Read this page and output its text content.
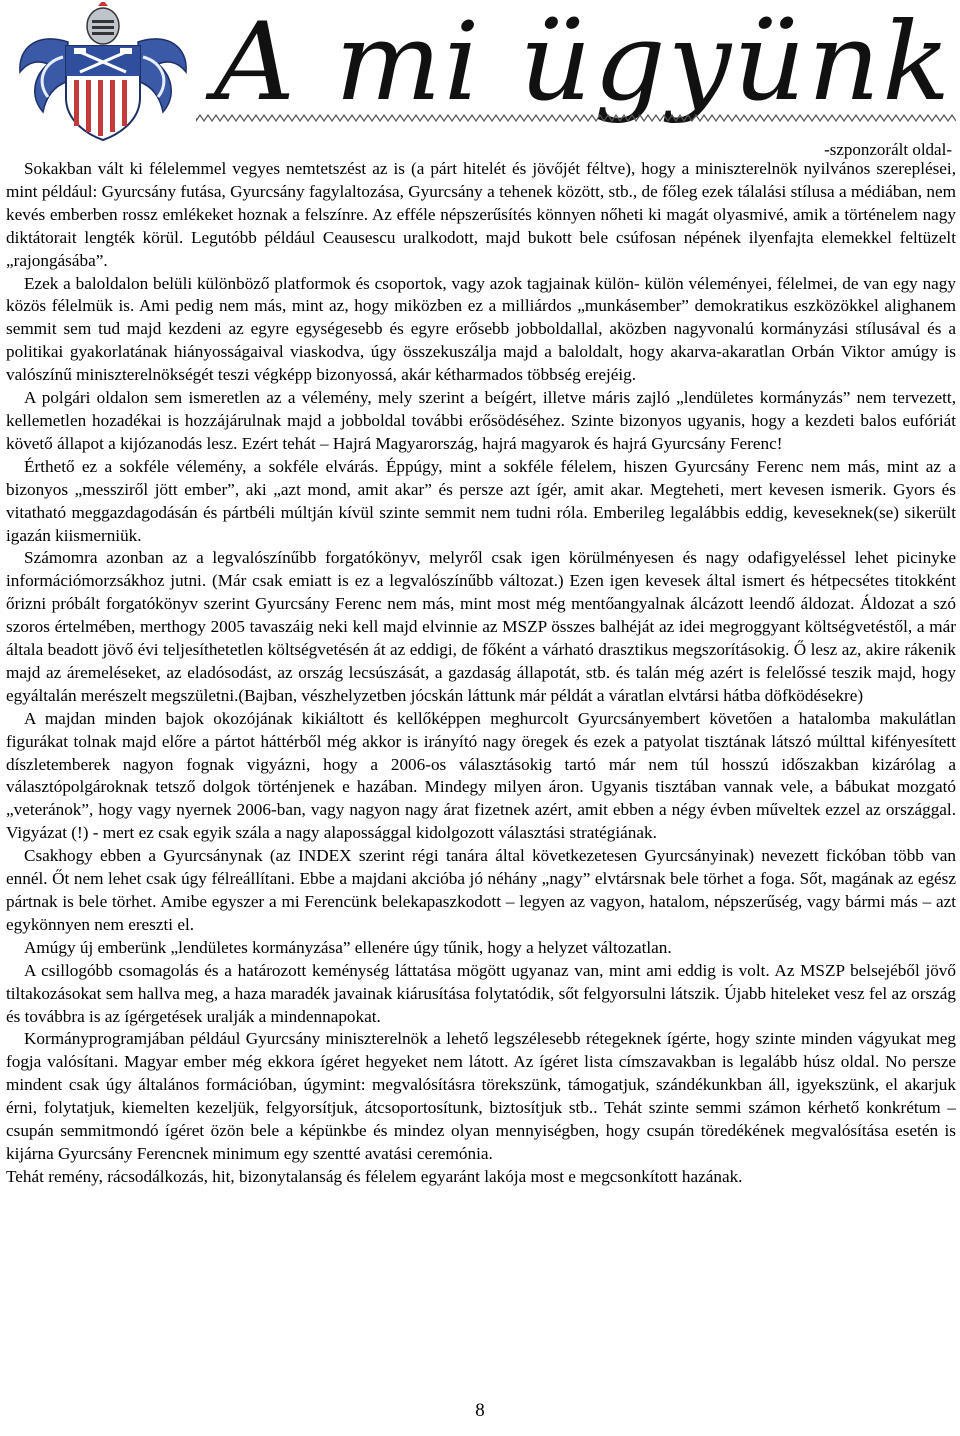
A mi ügyünk
-szponzorált oldal-

Sokakban vált ki félelemmel vegyes nemtetszést az is (a párt hitelét és jövőjét féltve), hogy a miniszterelnök nyilvános szereplései, mint például: Gyurcsány futása, Gyurcsány fagylaltozása, Gyurcsány a tehenek között, stb., de főleg ezek tálalási stílusa a médiában, nem kevés emberben rossz emlékeket hoznak a felszínre. Az efféle népszerűsítés könnyen nőheti ki magát olyasmivé, amik a történelem nagy diktátorait lengték körül. Legutóbb például Ceausescu uralkodott, majd bukott bele csúfosan népének ilyenfajta elemekkel feltüzelt „rajongásába”.

Ezek a baloldalon belüli különböző platformok és csoportok, vagy azok tagjainak külön- külön véleményei, félelmei, de van egy nagy közös félelmük is. Ami pedig nem más, mint az, hogy miközben ez a milliárdos „munkásember” demokratikus eszközökkel alighanem semmit sem tud majd kezdeni az egyre egységesebb és egyre erősebb jobboldallal, aközben nagyvonalú kormányzási stílusával és a politikai gyakorlatának hiányosságaival viaskodva, úgy összekuszálja majd a baloldalt, hogy akarva-akaratlan Orbán Viktor amúgy is valószínű miniszterelnökségét teszi végképp bizonyossá, akár kétharmados többség erejéig.

A polgári oldalon sem ismeretlen az a vélemény, mely szerint a beígért, illetve máris zajló „lendületes kormányzás” nem tervezett, kellemetlen hozadékai is hozzájárulnak majd a jobboldal további erősödéséhez. Szinte bizonyos ugyanis, hogy a kezdeti balos eufóriát követő állapot a kijózanodás lesz. Ezért tehát – Hajrá Magyarország, hajrá magyarok és hajrá Gyurcsány Ferenc!

Érthető ez a sokféle vélemény, a sokféle elvárás. Éppúgy, mint a sokféle félelem, hiszen Gyurcsány Ferenc nem más, mint az a bizonyos „messziről jött ember”, aki „azt mond, amit akar” és persze azt ígér, amit akar. Megteheti, mert kevesen ismerik. Gyors és vitatható meggazdagodásán és pártbéli múltján kívül szinte semmit nem tudni róla. Emberileg legalábbis eddig, keveseknek(se) sikerült igazán kiismerniük.

Számomra azonban az a legvalószínűbb forgatókönyv, melyről csak igen körülményesen és nagy odafigyeléssel lehet picinyke információmorzsákhoz jutni. (Már csak emiatt is ez a legvalószínűbb változat.) Ezen igen kevesek által ismert és hétpecsétes titokként őrizni próbált forgatókönyv szerint Gyurcsány Ferenc nem más, mint most még mentőangyalnak álcázott leendő áldozat. Áldozat a szó szoros értelmében, merthogy 2005 tavaszáig neki kell majd elvinnie az MSZP összes balhéját az idei megroggyant költségvetéstől, a már általa beadott jövő évi teljesíthetetlen költségvetésén át az eddigi, de főként a várható drasztikus megszorításokig. Ő lesz az, akire rákenik majd az áremeléseket, az eladósodást, az ország lecsúszását, a gazdaság állapotát, stb. és talán még azért is felelőssé teszik majd, hogy egyáltalán merészelt megszületni.(Bajban, vészhelyzetben jócskán láttunk már példát a váratlan elvtársi hátba döfködésekre)

A majdan minden bajok okozójának kikiáltott és kellőképpen meghurcolt Gyurcsányembert követően a hatalomba makulátlan figurákat tolnak majd előre a pártot háttérből még akkor is irányító nagy öregek és ezek a patyolat tisztának látszó múlttal kifényesített díszletemberek nagyon fognak vigyázni, hogy a 2006-os választásokig tartó már nem túl hosszú időszakban kizárólag a választópolgároknak tetsző dolgok történjenek e hazában. Mindegy milyen áron. Ugyanis tisztában vannak vele, a bábukat mozgató „veteránok”, hogy vagy nyernek 2006-ban, vagy nagyon nagy árat fizetnek azért, amit ebben a négy évben műveltek ezzel az országgal. Vigyázat (!) - mert ez csak egyik szála a nagy alapossággal kidolgozott választási stratégiának.

Csakhogy ebben a Gyurcsánynak (az INDEX szerint régi tanára által következetesen Gyurcsányinak) nevezett fickóban több van ennél. Őt nem lehet csak úgy félreállítani. Ebbe a majdani akcióba jó néhány „nagy” elvtársnak bele törhet a foga. Sőt, magának az egész pártnak is bele törhet. Amibe egyszer a mi Ferencünk belekapaszkodott – legyen az vagyon, hatalom, népszerűség, vagy bármi más – azt egykönnyen nem ereszti el.

Amúgy új emberünk „lendületes kormányzása” ellenére úgy tűnik, hogy a helyzet változatlan.

A csillogóbb csomagolás és a határozott keménység láttatása mögött ugyanaz van, mint ami eddig is volt. Az MSZP belsejéből jövő tiltakozásokat sem hallva meg, a haza maradék javainak kiárusítása folytatódik, sőt felgyorsulni látszik. Újabb hiteleket vesz fel az ország és továbbra is az ígérgetések uralják a mindennapokat.

Kormányprogramjában például Gyurcsány miniszterelnök a lehető legszélesebb rétegeknek ígérte, hogy szinte minden vágyukat meg fogja valósítani. Magyar ember még ekkora ígéret hegyeket nem látott. Az ígéret lista címszavakban is legalább húsz oldal. No persze mindent csak úgy általános formációban, úgymint: megvalósításra törekszünk, támogatjuk, szándékunkban áll, igyekszünk, el akarjuk érni, folytatjuk, kiemelten kezeljük, felgyorsítjuk, átcsoportosítunk, biztosítjuk stb.. Tehát szinte semmi számon kérhető konkrétum – csupán semmitmondó ígéret özön bele a képünkbe és mindez olyan mennyiségben, hogy csupán töredékének megvalósítása esetén is kijárna Gyurcsány Ferencnek minimum egy szentté avatási ceremónia.

Tehát remény, rácsodálkozás, hit, bizonytalanság és félelem egyaránt lakója most e megcsonkított hazának.

8
